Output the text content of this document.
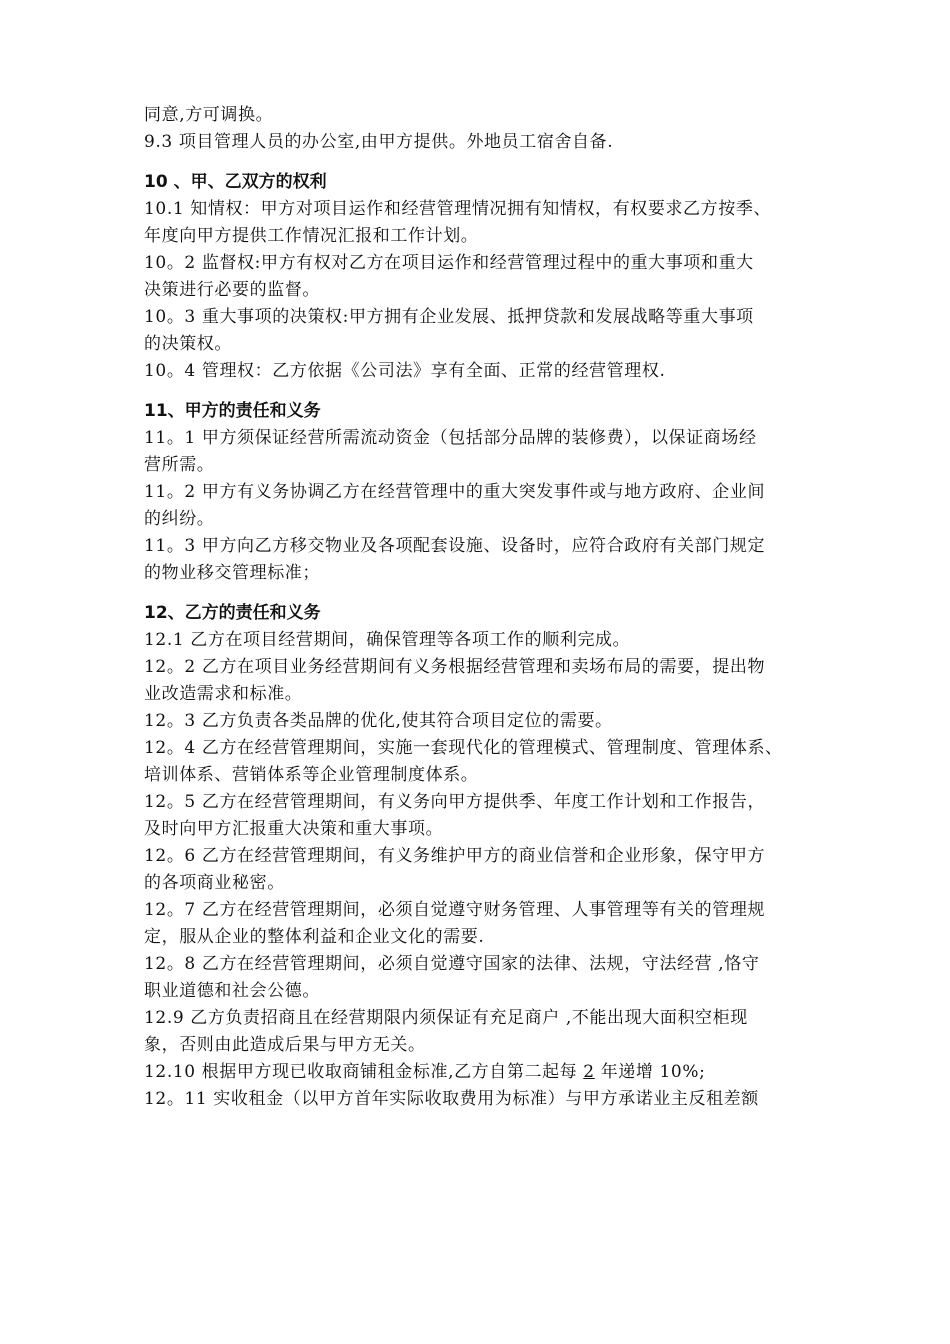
同意,方可调换。
9.3 项目管理人员的办公室,由甲方提供。外地员工宿舍自备.
10 、甲、乙双方的权利
10.1 知情权：甲方对项目运作和经营管理情况拥有知情权，有权要求乙方按季、
年度向甲方提供工作情况汇报和工作计划。
10。2 监督权:甲方有权对乙方在项目运作和经营管理过程中的重大事项和重大
决策进行必要的监督。
10。3 重大事项的决策权:甲方拥有企业发展、抵押贷款和发展战略等重大事项
的决策权。
10。4 管理权：乙方依据《公司法》享有全面、正常的经营管理权.
11、甲方的责任和义务
11。1 甲方须保证经营所需流动资金（包括部分品牌的装修费），以保证商场经
营所需。
11。2 甲方有义务协调乙方在经营管理中的重大突发事件或与地方政府、企业间
的纠纷。
11。3 甲方向乙方移交物业及各项配套设施、设备时，应符合政府有关部门规定
的物业移交管理标准；
12、乙方的责任和义务
12.1 乙方在项目经营期间，确保管理等各项工作的顺利完成。
12。2 乙方在项目业务经营期间有义务根据经营管理和卖场布局的需要，提出物
业改造需求和标准。
12。3 乙方负责各类品牌的优化,使其符合项目定位的需要。
12。4 乙方在经营管理期间，实施一套现代化的管理模式、管理制度、管理体系、
培训体系、营销体系等企业管理制度体系。
12。5 乙方在经营管理期间，有义务向甲方提供季、年度工作计划和工作报告，
及时向甲方汇报重大决策和重大事项。
12。6 乙方在经营管理期间，有义务维护甲方的商业信誉和企业形象，保守甲方
的各项商业秘密。
12。7 乙方在经营管理期间，必须自觉遵守财务管理、人事管理等有关的管理规
定，服从企业的整体利益和企业文化的需要.
12。8 乙方在经营管理期间，必须自觉遵守国家的法律、法规，守法经营 ,恪守
职业道德和社会公德。
12.9 乙方负责招商且在经营期限内须保证有充足商户 ,不能出现大面积空柜现
象，否则由此造成后果与甲方无关。
12.10 根据甲方现已收取商铺租金标准,乙方自第二起每 2 年递增 10%;
12。11 实收租金（以甲方首年实际收取费用为标准）与甲方承诺业主反租差额
